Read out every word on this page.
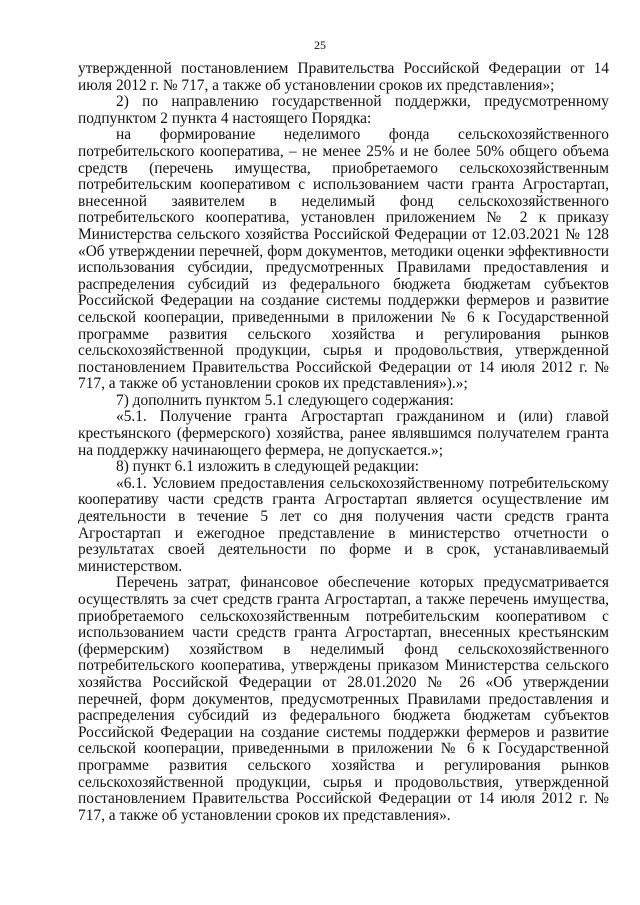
25

утвержденной постановлением Правительства Российской Федерации от 14 июля 2012 г. № 717, а также об установлении сроков их представления»;

2) по направлению государственной поддержки, предусмотренному подпунктом 2 пункта 4 настоящего Порядка:

на формирование неделимого фонда сельскохозяйственного потребительского кооператива, – не менее 25% и не более 50% общего объема средств (перечень имущества, приобретаемого сельскохозяйственным потребительским кооперативом с использованием части гранта Агростартап, внесенной заявителем в неделимый фонд сельскохозяйственного потребительского кооператива, установлен приложением № 2 к приказу Министерства сельского хозяйства Российской Федерации от 12.03.2021 № 128 «Об утверждении перечней, форм документов, методики оценки эффективности использования субсидии, предусмотренных Правилами предоставления и распределения субсидий из федерального бюджета бюджетам субъектов Российской Федерации на создание системы поддержки фермеров и развитие сельской кооперации, приведенными в приложении № 6 к Государственной программе развития сельского хозяйства и регулирования рынков сельскохозяйственной продукции, сырья и продовольствия, утвержденной постановлением Правительства Российской Федерации от 14 июля 2012 г. № 717, а также об установлении сроков их представления»).»;

7) дополнить пунктом 5.1 следующего содержания:

«5.1. Получение гранта Агростартап гражданином и (или) главой крестьянского (фермерского) хозяйства, ранее являвшимся получателем гранта на поддержку начинающего фермера, не допускается.»;

8) пункт 6.1 изложить в следующей редакции:

«6.1. Условием предоставления сельскохозяйственному потребительскому кооперативу части средств гранта Агростартап является осуществление им деятельности в течение 5 лет со дня получения части средств гранта Агростартап и ежегодное представление в министерство отчетности о результатах своей деятельности по форме и в срок, устанавливаемый министерством.

Перечень затрат, финансовое обеспечение которых предусматривается осуществлять за счет средств гранта Агростартап, а также перечень имущества, приобретаемого сельскохозяйственным потребительским кооперативом с использованием части средств гранта Агростартап, внесенных крестьянским (фермерским) хозяйством в неделимый фонд сельскохозяйственного потребительского кооператива, утверждены приказом Министерства сельского хозяйства Российской Федерации от 28.01.2020 № 26 «Об утверждении перечней, форм документов, предусмотренных Правилами предоставления и распределения субсидий из федерального бюджета бюджетам субъектов Российской Федерации на создание системы поддержки фермеров и развитие сельской кооперации, приведенными в приложении № 6 к Государственной программе развития сельского хозяйства и регулирования рынков сельскохозяйственной продукции, сырья и продовольствия, утвержденной постановлением Правительства Российской Федерации от 14 июля 2012 г. № 717, а также об установлении сроков их представления».
